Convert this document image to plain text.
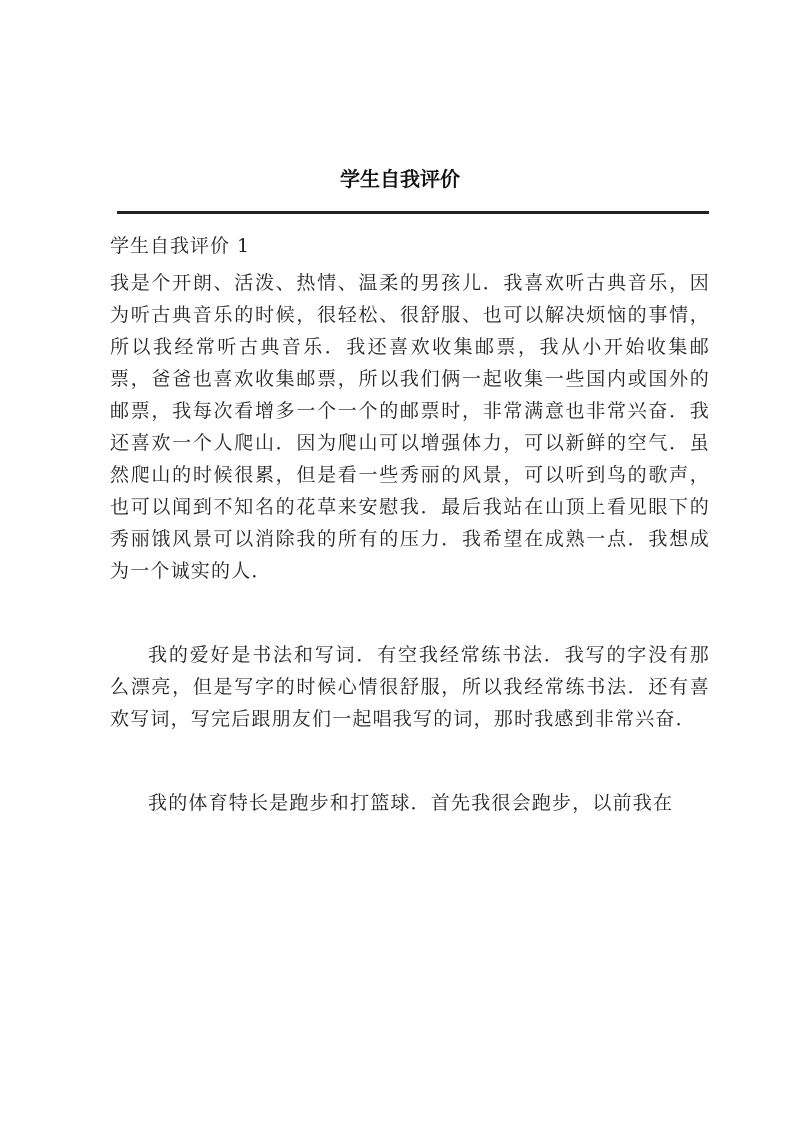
学生自我评价
学生自我评价 1

我是个开朗、活泼、热情、温柔的男孩儿．我喜欢听古典音乐，因为听古典音乐的时候，很轻松、很舒服、也可以解决烦恼的事情，所以我经常听古典音乐．我还喜欢收集邮票，我从小开始收集邮票，爸爸也喜欢收集邮票，所以我们俩一起收集一些国内或国外的邮票，我每次看增多一个一个的邮票时，非常满意也非常兴奋．我还喜欢一个人爬山．因为爬山可以增强体力，可以新鲜的空气．虽然爬山的时候很累，但是看一些秀丽的风景，可以听到鸟的歌声，也可以闻到不知名的花草来安慰我．最后我站在山顶上看见眼下的秀丽饿风景可以消除我的所有的压力．我希望在成熟一点．我想成为一个诚实的人．

我的爱好是书法和写词．有空我经常练书法．我写的字没有那么漂亮，但是写字的时候心情很舒服，所以我经常练书法．还有喜欢写词，写完后跟朋友们一起唱我写的词，那时我感到非常兴奋．

我的体育特长是跑步和打篮球．首先我很会跑步，以前我在
